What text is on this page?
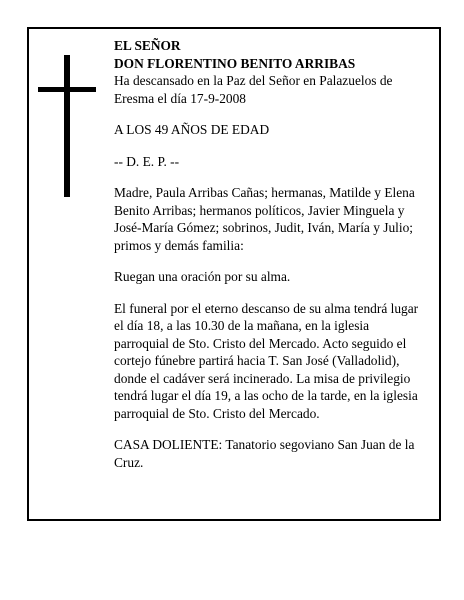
EL SEÑOR
DON FLORENTINO BENITO ARRIBAS
Ha descansado en la Paz del Señor en Palazuelos de Eresma el día 17-9-2008

A LOS 49 AÑOS DE EDAD

-- D. E. P. --

Madre, Paula Arribas Cañas; hermanas, Matilde y Elena Benito Arribas; hermanos políticos, Javier Minguela y José-María Gómez; sobrinos, Judit, Iván, María y Julio; primos y demás familia:

Ruegan una oración por su alma.

El funeral por el eterno descanso de su alma tendrá lugar el día 18, a las 10.30 de la mañana, en la iglesia parroquial de Sto. Cristo del Mercado. Acto seguido el cortejo fúnebre partirá hacia T. San José (Valladolid), donde el cadáver será incinerado. La misa de privilegio tendrá lugar el día 19, a las ocho de la tarde, en la iglesia parroquial de Sto. Cristo del Mercado.

CASA DOLIENTE: Tanatorio segoviano San Juan de la Cruz.
